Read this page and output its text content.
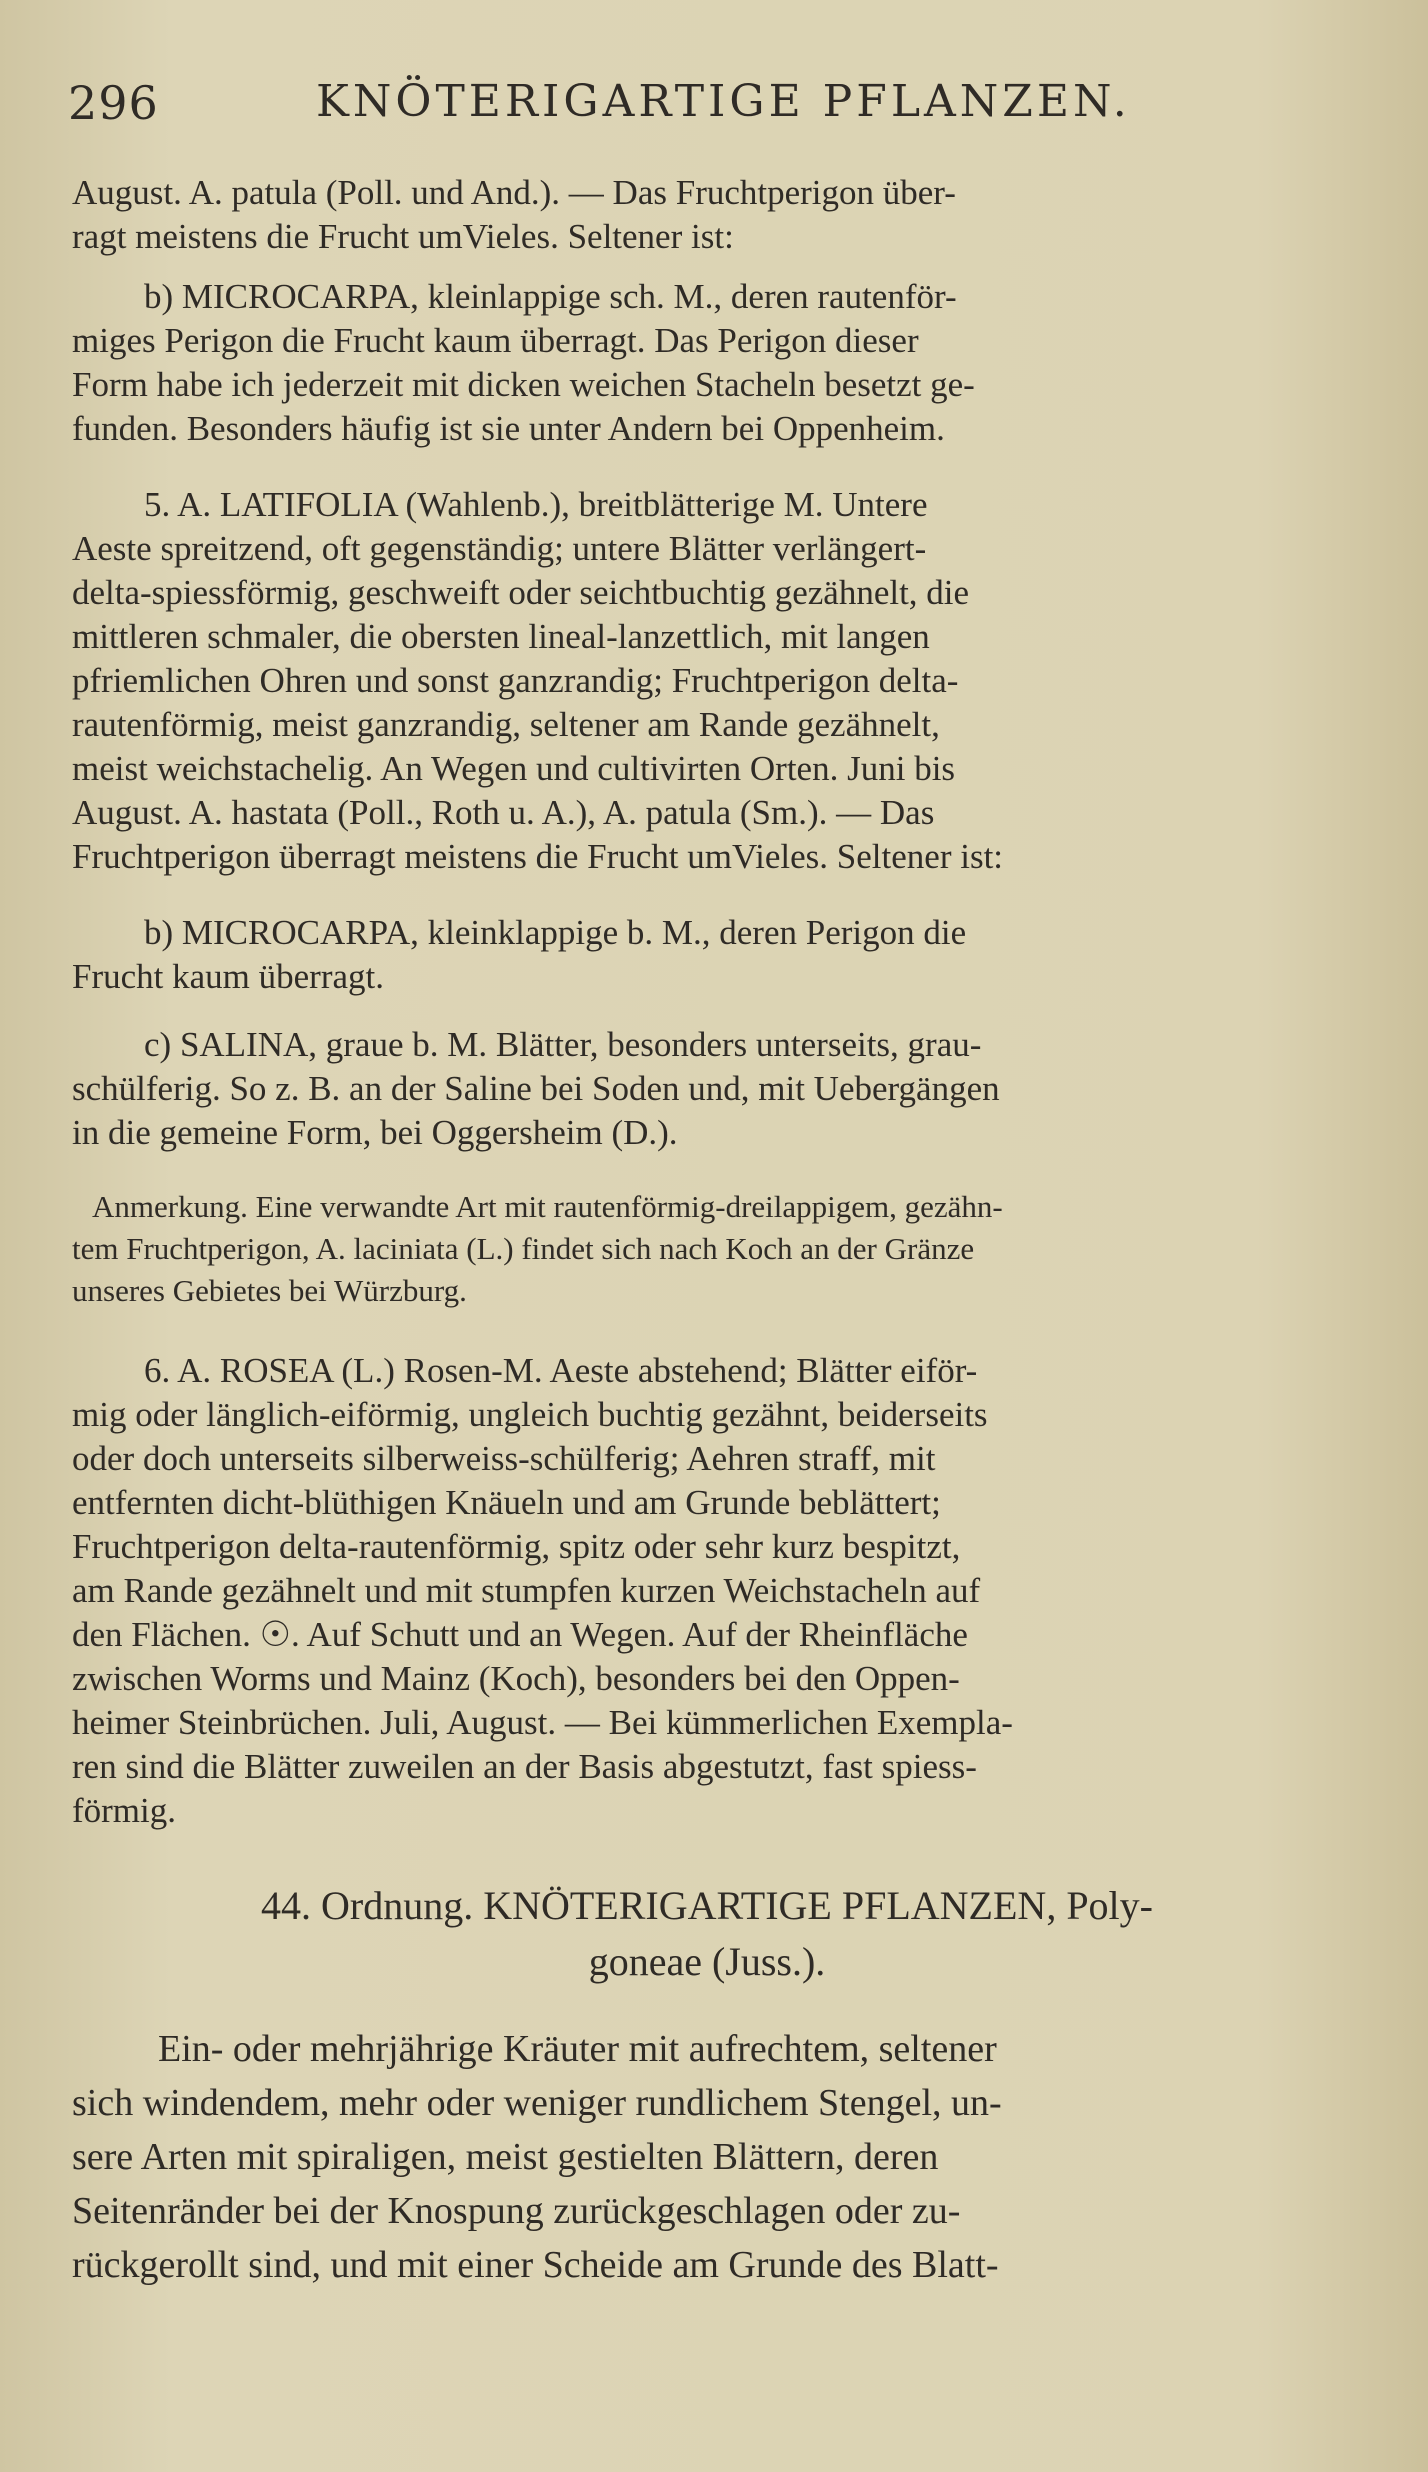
296	KNÖTERIGARTIGE PFLANZEN.
August. A. patula (Poll. und And.). — Das Fruchtperigon über-
ragt meistens die Frucht umVieles. Seltener ist:
b) MICROCARPA, kleinlappige sch. M., deren rautenför-
miges Perigon die Frucht kaum überragt. Das Perigon dieser
Form habe ich jederzeit mit dicken weichen Stacheln besetzt ge-
funden. Besonders häufig ist sie unter Andern bei Oppenheim.
5. A. LATIFOLIA (Wahlenb.), breitblätterige M. Untere
Aeste spreitzend, oft gegenständig; untere Blätter verlängert-
delta-spiessförmig, geschweift oder seichtbuchtig gezähnelt, die
mittleren schmaler, die obersten lineal-lanzettlich, mit langen
pfriemlichen Ohren und sonst ganzrandig; Fruchtperigon delta-
rautenförmig, meist ganzrandig, seltener am Rande gezähnelt,
meist weichstachelig. An Wegen und cultivirten Orten. Juni bis
August. A. hastata (Poll., Roth u. A.), A. patula (Sm.). — Das
Fruchtperigon überragt meistens die Frucht umVieles. Seltener ist:
b) MICROCARPA, kleinklappige b. M., deren Perigon die
Frucht kaum überragt.
c) SALINA, graue b. M. Blätter, besonders unterseits, grau-
schülferig. So z. B. an der Saline bei Soden und, mit Uebergängen
in die gemeine Form, bei Oggersheim (D.).
Anmerkung. Eine verwandte Art mit rautenförmig-dreilappigem, gezähn-
tem Fruchtperigon, A. laciniata (L.) findet sich nach Koch an der Gränze
unseres Gebietes bei Würzburg.
6. A. ROSEA (L.) Rosen-M. Aeste abstehend; Blätter eiför-
mig oder länglich-eiförmig, ungleich buchtig gezähnt, beiderseits
oder doch unterseits silberweiss-schülferig; Aehren straff, mit
entfernten dicht-blüthigen Knäueln und am Grunde beblättert;
Fruchtperigon delta-rautenförmig, spitz oder sehr kurz bespitzt,
am Rande gezähnelt und mit stumpfen kurzen Weichstacheln auf
den Flächen. ☉. Auf Schutt und an Wegen. Auf der Rheinfläche
zwischen Worms und Mainz (Koch), besonders bei den Oppen-
heimer Steinbrüchen. Juli, August. — Bei kümmerlichen Exempla-
ren sind die Blätter zuweilen an der Basis abgestutzt, fast spiess-
förmig.
44. Ordnung. KNÖTERIGARTIGE PFLANZEN, Poly-
goneae (Juss.).
Ein- oder mehrjährige Kräuter mit aufrechtem, seltener
sich windendem, mehr oder weniger rundlichem Stengel, un-
sere Arten mit spiraligen, meist gestielten Blättern, deren
Seitenränder bei der Knospung zurückgeschlagen oder zu-
rückgerollt sind, und mit einer Scheide am Grunde des Blatt-
